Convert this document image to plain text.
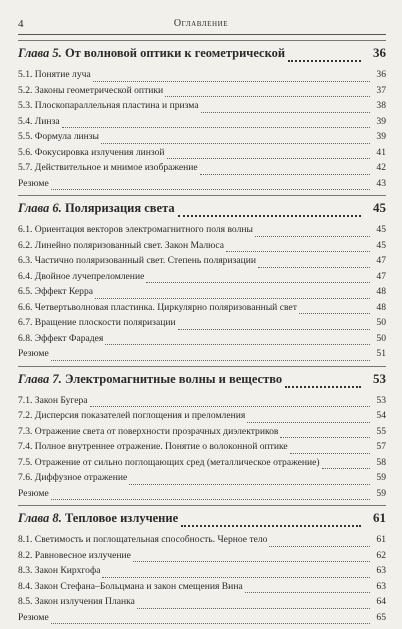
4	Оглавление
Глава 5. От волновой оптики к геометрической	36
5.1. Понятие луча	36
5.2. Законы геометрической оптики	37
5.3. Плоскопараллельная пластина и призма	38
5.4. Линза	39
5.5. Формула линзы	39
5.6. Фокусировка излучения линзой	41
5.7. Действительное и мнимое изображение	42
Резюме	43
Глава 6. Поляризация света	45
6.1. Ориентация векторов электромагнитного поля волны	45
6.2. Линейно поляризованный свет. Закон Малюса	45
6.3. Частично поляризованный свет. Степень поляризации	47
6.4. Двойное лучепреломление	47
6.5. Эффект Керра	48
6.6. Четвертьволновая пластинка. Циркулярно поляризованный свет	48
6.7. Вращение плоскости поляризации	50
6.8. Эффект Фарадея	50
Резюме	51
Глава 7. Электромагнитные волны и вещество	53
7.1. Закон Бугера	53
7.2. Дисперсия показателей поглощения и преломления	54
7.3. Отражение света от поверхности прозрачных диэлектриков	55
7.4. Полное внутреннее отражение. Понятие о волоконной оптике	57
7.5. Отражение от сильно поглощающих сред (металлическое отражение)	58
7.6. Диффузное отражение	59
Резюме	59
Глава 8. Тепловое излучение	61
8.1. Светимость и поглощательная способность. Черное тело	61
8.2. Равновесное излучение	62
8.3. Закон Кирхгофа	63
8.4. Закон Стефана–Больцмана и закон смещения Вина	63
8.5. Закон излучения Планка	64
Резюме	65
